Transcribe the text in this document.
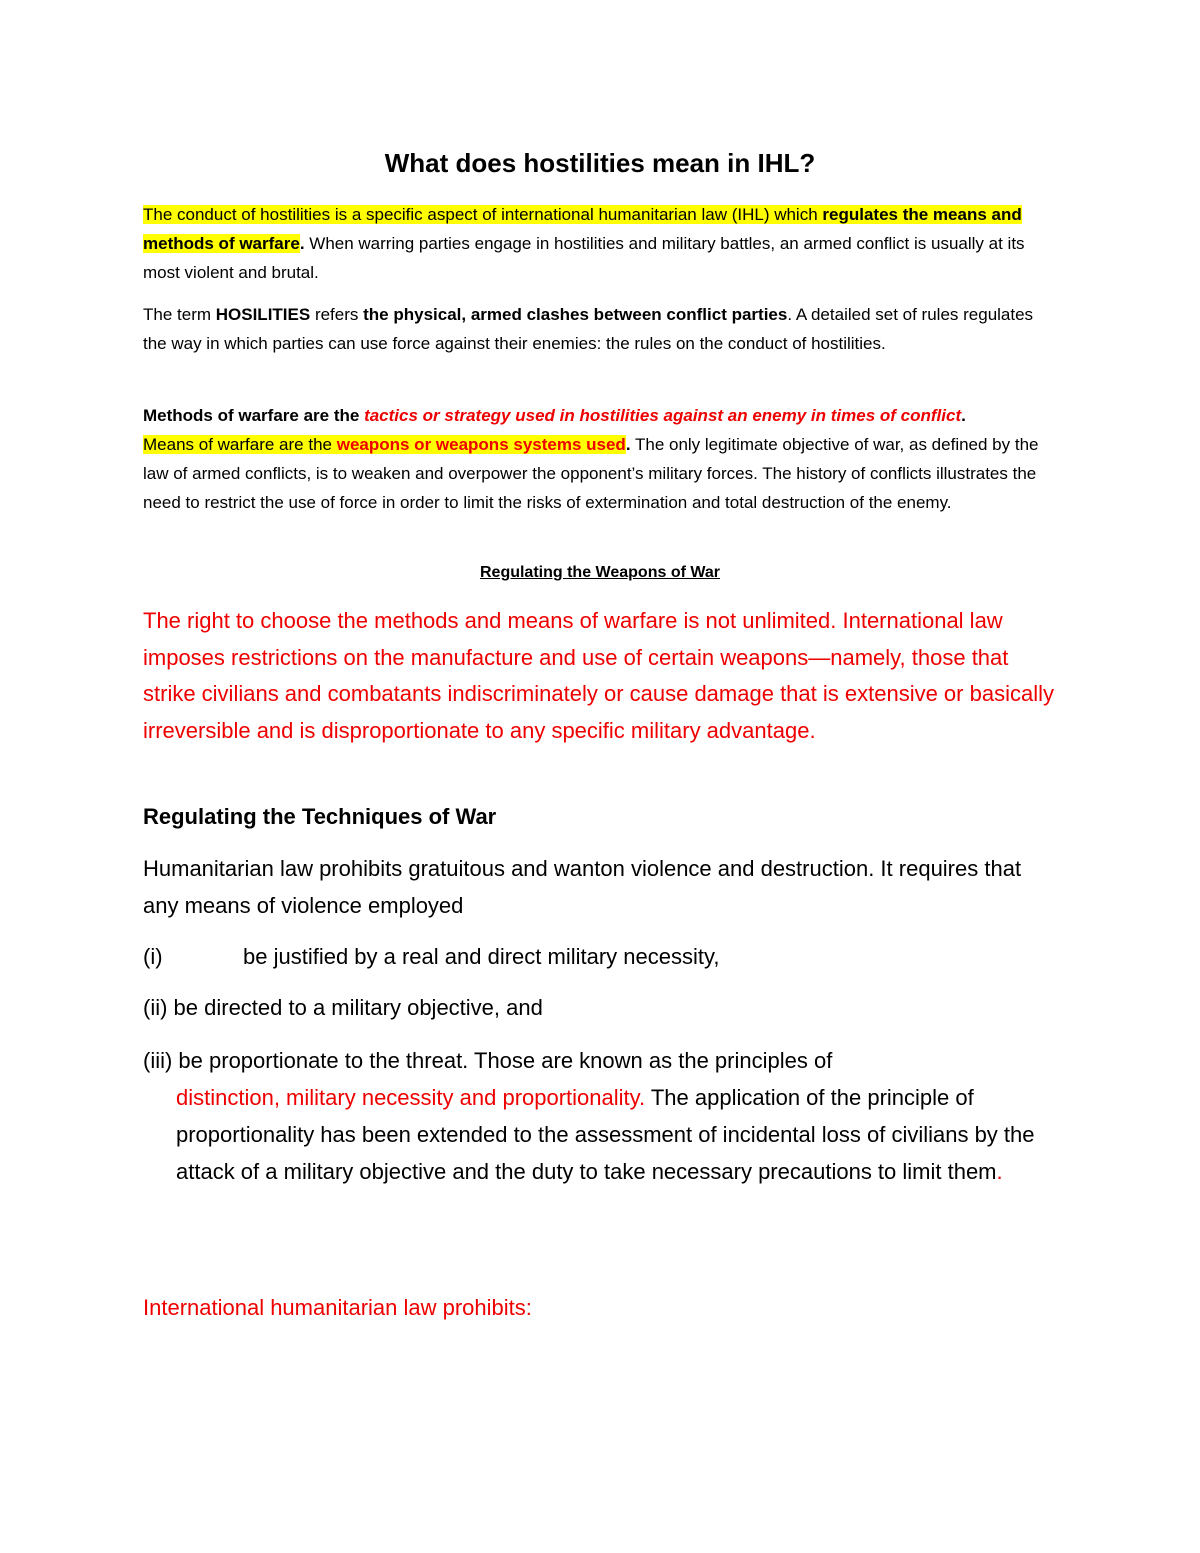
What does hostilities mean in IHL?

The conduct of hostilities is a specific aspect of international humanitarian law (IHL) which regulates the means and methods of warfare. When warring parties engage in hostilities and military battles, an armed conflict is usually at its most violent and brutal.

The term HOSILITIES refers the physical, armed clashes between conflict parties. A detailed set of rules regulates the way in which parties can use force against their enemies: the rules on the conduct of hostilities.

Methods of warfare are the tactics or strategy used in hostilities against an enemy in times of conflict.
Means of warfare are the weapons or weapons systems used. The only legitimate objective of war, as defined by the law of armed conflicts, is to weaken and overpower the opponent’s military forces. The history of conflicts illustrates the need to restrict the use of force in order to limit the risks of extermination and total destruction of the enemy.

Regulating the Weapons of War

The right to choose the methods and means of warfare is not unlimited. International law imposes restrictions on the manufacture and use of certain weapons—namely, those that strike civilians and combatants indiscriminately or cause damage that is extensive or basically irreversible and is disproportionate to any specific military advantage.

Regulating the Techniques of War

Humanitarian law prohibits gratuitous and wanton violence and destruction. It requires that any means of violence employed

(i)	be justified by a real and direct military necessity,

(ii) be directed to a military objective, and

(iii) be proportionate to the threat. Those are known as the principles of
distinction, military necessity and proportionality. The application of the principle of proportionality has been extended to the assessment of incidental loss of civilians by the attack of a military objective and the duty to take necessary precautions to limit them.

International humanitarian law prohibits:
